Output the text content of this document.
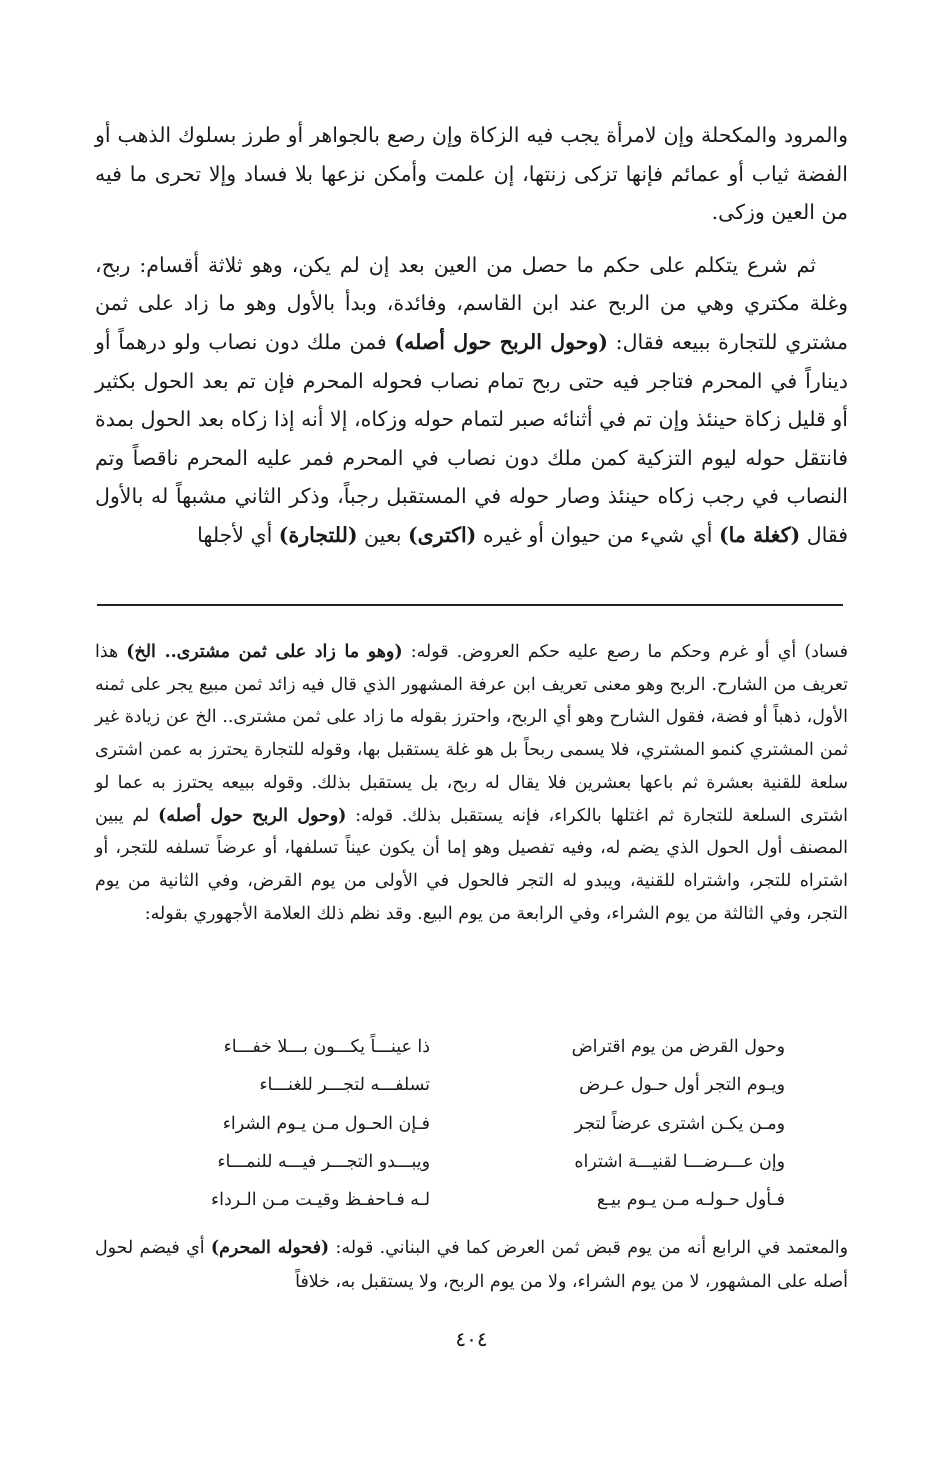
والمرود والمكحلة وإن لامرأة يجب فيه الزكاة وإن رصع بالجواهر أو طرز بسلوك الذهب أو الفضة ثياب أو عمائم فإنها تزكى زنتها، إن علمت وأمكن نزعها بلا فساد وإلا تحرى ما فيه من العين وزكى.

ثم شرع يتكلم على حكم ما حصل من العين بعد إن لم يكن، وهو ثلاثة أقسام: ربح، وغلة مكتري وهي من الربح عند ابن القاسم، وفائدة، وبدأ بالأول وهو ما زاد على ثمن مشتري للتجارة ببيعه فقال: (وحول الربح حول أصله) فمن ملك دون نصاب ولو درهماً أو ديناراً في المحرم فتاجر فيه حتى ربح تمام نصاب فحوله المحرم فإن تم بعد الحول بكثير أو قليل زكاة حينئذ وإن تم في أثنائه صبر لتمام حوله وزكاه، إلا أنه إذا زكاه بعد الحول بمدة فانتقل حوله ليوم التزكية كمن ملك دون نصاب في المحرم فمر عليه المحرم ناقصاً وتم النصاب في رجب زكاه حينئذ وصار حوله في المستقبل رجباً، وذكر الثاني مشبهاً له بالأول فقال (كغلة ما) أي شيء من حيوان أو غيره (اكترى) بعين (للتجارة) أي لأجلها

فساد) أي أو غرم وحكم ما رصع عليه حكم العروض. قوله: (وهو ما زاد على ثمن مشترى.. الخ) هذا تعريف من الشارح. الربح وهو معنى تعريف ابن عرفة المشهور الذي قال فيه زائد ثمن مبيع يجر على ثمنه الأول، ذهباً أو فضة، فقول الشارح وهو أي الربح، واحترز بقوله ما زاد على ثمن مشترى.. الخ عن زيادة غير ثمن المشتري كنمو المشتري، فلا يسمى ربحاً بل هو غلة يستقبل بها، وقوله للتجارة يحترز به عمن اشترى سلعة للقنية بعشرة ثم باعها بعشرين فلا يقال له ربح، بل يستقبل بذلك. وقوله ببيعه يحترز به عما لو اشترى السلعة للتجارة ثم اغتلها بالكراء، فإنه يستقبل بذلك. قوله: (وحول الربح حول أصله) لم يبين المصنف أول الحول الذي يضم له، وفيه تفصيل وهو إما أن يكون عيناً تسلفها، أو عرضاً تسلفه للتجر، أو اشتراه للتجر، واشتراه للقنية، ويبدو له التجر فالحول في الأولى من يوم القرض، وفي الثانية من يوم التجر، وفي الثالثة من يوم الشراء، وفي الرابعة من يوم البيع. وقد نظم ذلك العلامة الأجهوري بقوله:

وحول القرض من يوم اقتراض
ذا عينـــاً يكـــون بـــلا خفـــاء
ويـوم التجر أول حـول عـرض
تسلفـــه لتجـــر للغنـــاء
ومـن يكـن اشترى عرضاً لتجر
فـإن الحـول مـن يـوم الشراء
وإن عـــرضـــا لقنيـــة اشتراه
ويبـــدو التجـــر فيـــه للنمـــاء
فـأول حـولـه مـن يـوم بيـع
لـه فـاحفـظ وقيـت مـن الـرداء

والمعتمد في الرابع أنه من يوم قبض ثمن العرض كما في البناني. قوله: (فحوله المحرم) أي فيضم لحول أصله على المشهور، لا من يوم الشراء، ولا من يوم الربح، ولا يستقبل به، خلافاً

٤٠٤
